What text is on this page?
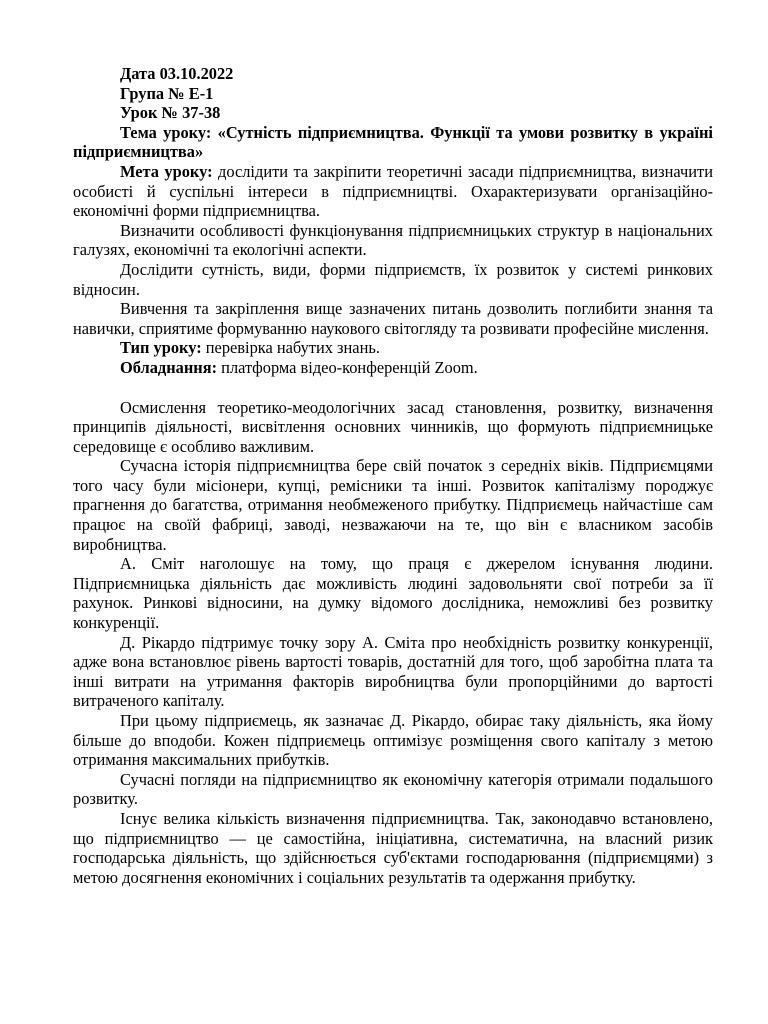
Дата 03.10.2022

Група № Е-1

Урок № 37-38

Тема уроку: «Сутність підприємництва. Функції та умови розвитку в україні підприємництва»

Мета уроку: дослідити та закріпити теоретичні засади підприємництва, визначити особисті й суспільні інтереси в підприємництві. Охарактеризувати організаційно-економічні форми підприємництва.

Визначити особливості функціонування підприємницьких структур в національних галузях, економічні та екологічні аспекти.

Дослідити сутність, види, форми підприємств, їх розвиток у системі ринкових відносин.

Вивчення та закріплення вище зазначених питань дозволить поглибити знання та навички, сприятиме формуванню наукового світогляду та розвивати професійне мислення.

Тип уроку: перевірка набутих знань.

Обладнання: платформа відео-конференцій Zoom.

Осмислення теоретико-меодологічних засад становлення, розвитку, визначення принципів діяльності, висвітлення основних чинників, що формують підприємницьке середовище є особливо важливим.

Сучасна історія підприємництва бере свій початок з середніх віків. Підприємцями того часу були місіонери, купці, ремісники та інші. Розвиток капіталізму породжує прагнення до багатства, отримання необмеженого прибутку. Підприємець найчастіше сам працює на своїй фабриці, заводі, незважаючи на те, що він є власником засобів виробництва.

А. Сміт наголошує на тому, що праця є джерелом існування людини. Підприємницька діяльність дає можливість людині задовольняти свої потреби за її рахунок. Ринкові відносини, на думку відомого дослідника, неможливі без розвитку конкуренції.

Д. Рікардо підтримує точку зору А. Сміта про необхідність розвитку конкуренції, адже вона встановлює рівень вартості товарів, достатній для того, щоб заробітна плата та інші витрати на утримання факторів виробництва були пропорційними до вартості витраченого капіталу.

При цьому підприємець, як зазначає Д. Рікардо, обирає таку діяльність, яка йому більше до вподоби. Кожен підприємець оптимізує розміщення свого капіталу з метою отримання максимальних прибутків.

Сучасні погляди на підприємництво як економічну категорія отримали подальшого розвитку.

Існує велика кількість визначення підприємництва. Так, законодавчо встановлено, що підприємництво — це самостійна, ініціативна, систематична, на власний ризик господарська діяльність, що здійснюється суб'єктами господарювання (підприємцями) з метою досягнення економічних і соціальних результатів та одержання прибутку.
